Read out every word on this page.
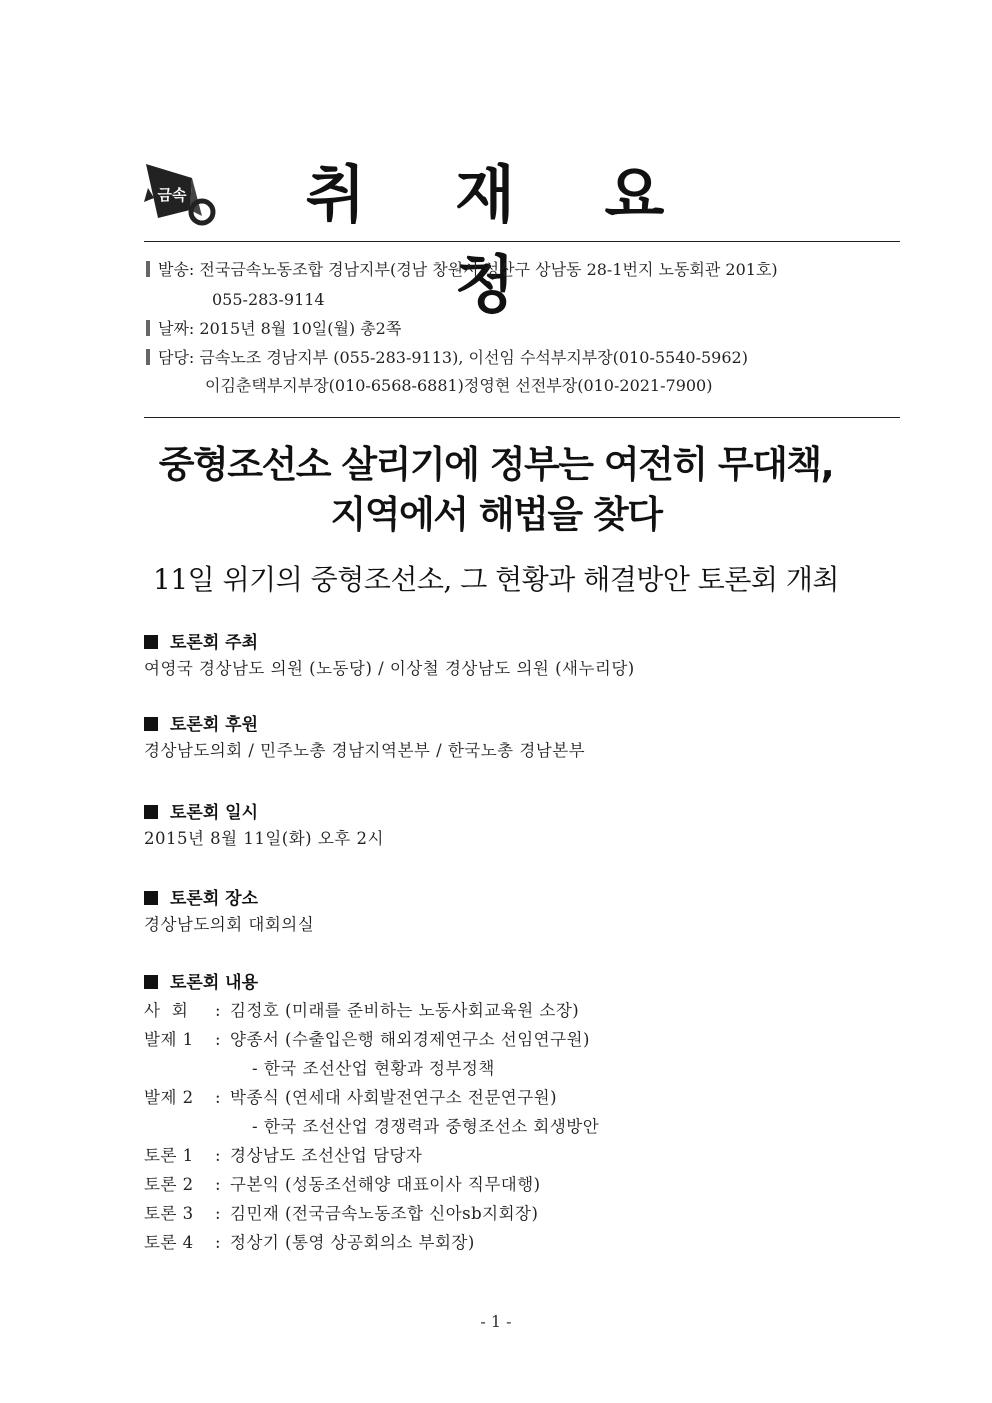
금속	취 재 요 청
발송: 전국금속노동조합 경남지부(경남 창원시 성산구 상남동 28-1번지 노동회관 201호)
055-283-9114
날짜: 2015년 8월 10일(월) 총2쪽
담당: 금속노조 경남지부 (055-283-9113), 이선임 수석부지부장(010-5540-5962)
이김춘택부지부장(010-6568-6881)정영현 선전부장(010-2021-7900)
중형조선소 살리기에 정부는 여전히 무대책,
지역에서 해법을 찾다
11일 위기의 중형조선소, 그 현황과 해결방안 토론회 개최
토론회 주최
여영국 경상남도 의원 (노동당) / 이상철 경상남도 의원 (새누리당)
토론회 후원
경상남도의회 / 민주노총 경남지역본부 / 한국노총 경남본부
토론회 일시
2015년 8월 11일(화) 오후 2시
토론회 장소
경상남도의회 대회의실
토론회 내용
사  회	: 김정호 (미래를 준비하는 노동사회교육원 소장)
발제 1	: 양종서 (수출입은행 해외경제연구소 선임연구원)
- 한국 조선산업 현황과 정부정책
발제 2	: 박종식 (연세대 사회발전연구소 전문연구원)
- 한국 조선산업 경쟁력과 중형조선소 회생방안
토론 1	: 경상남도 조선산업 담당자
토론 2	: 구본익 (성동조선해양 대표이사 직무대행)
토론 3	: 김민재 (전국금속노동조합 신아sb지회장)
토론 4	: 정상기 (통영 상공회의소 부회장)
- 1 -
